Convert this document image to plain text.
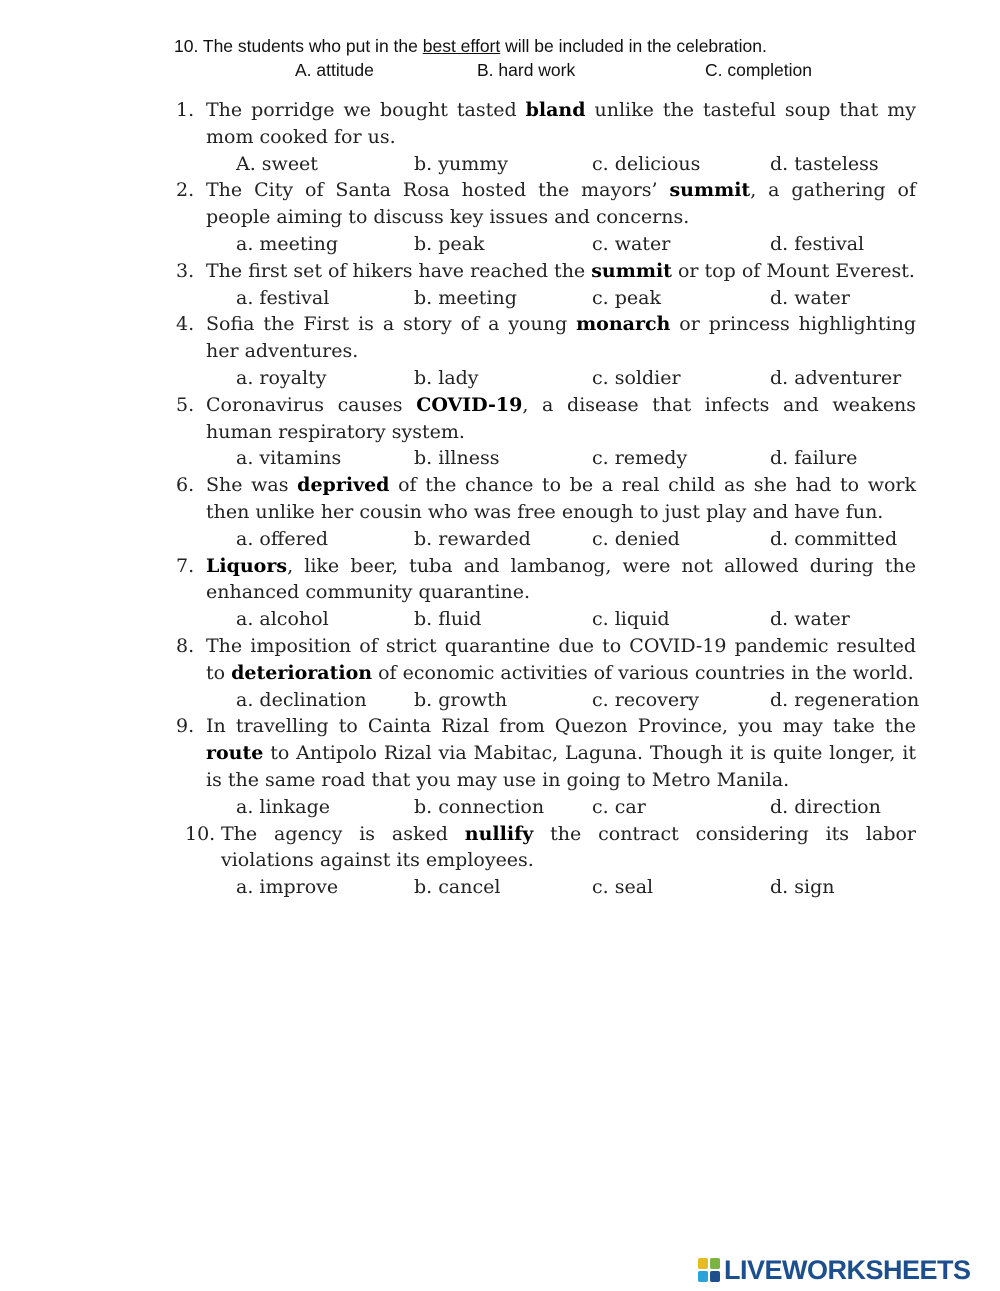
10. The students who put in the best effort will be included in the celebration.
A. attitude	B. hard work	C. completion
1. The porridge we bought tasted bland unlike the tasteful soup that my mom cooked for us.
A. sweet	b. yummy	c. delicious	d. tasteless
2. The City of Santa Rosa hosted the mayors’ summit, a gathering of people aiming to discuss key issues and concerns.
a. meeting	b. peak	c. water	d. festival
3. The first set of hikers have reached the summit or top of Mount Everest.
a. festival	b. meeting	c. peak	d. water
4. Sofia the First is a story of a young monarch or princess highlighting her adventures.
a. royalty	b. lady	c. soldier	d. adventurer
5. Coronavirus causes COVID-19, a disease that infects and weakens human respiratory system.
a. vitamins	b. illness	c. remedy	d. failure
6. She was deprived of the chance to be a real child as she had to work then unlike her cousin who was free enough to just play and have fun.
a. offered	b. rewarded	c. denied	d. committed
7. Liquors, like beer, tuba and lambanog, were not allowed during the enhanced community quarantine.
a. alcohol	b. fluid	c. liquid	d. water
8. The imposition of strict quarantine due to COVID-19 pandemic resulted to deterioration of economic activities of various countries in the world.
a. declination b. growth	c. recovery	d. regeneration
9. In travelling to Cainta Rizal from Quezon Province, you may take the route to Antipolo Rizal via Mabitac, Laguna. Though it is quite longer, it is the same road that you may use in going to Metro Manila.
a. linkage	b. connection	c. car	d. direction
10. The agency is asked nullify the contract considering its labor violations against its employees.
a. improve	b. cancel	c. seal	d. sign
LIVEWORKSHEETS
